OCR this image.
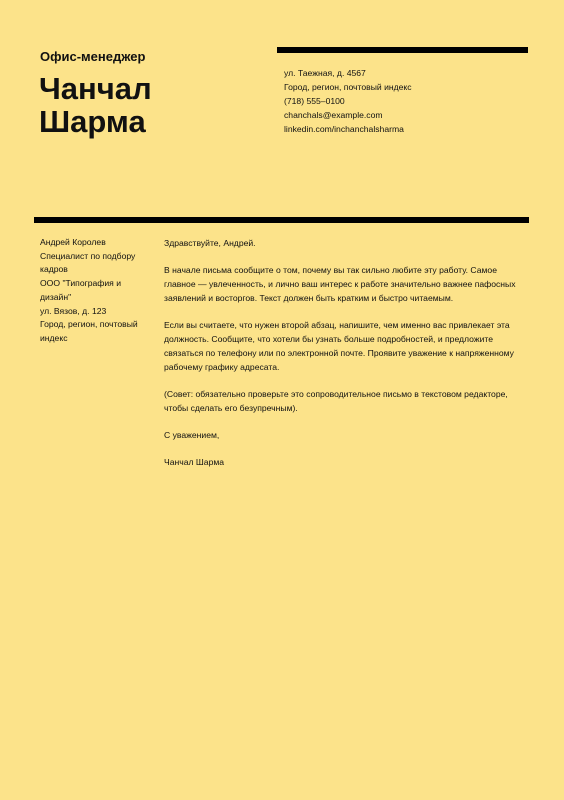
Офис-менеджер
Чанчал
Шарма
ул. Таежная, д. 4567
Город, регион, почтовый индекс
(718) 555–0100
chanchals@example.com
linkedin.com/inchanchalsharma
Андрей Королев
Специалист по подбору кадров
ООО "Типография и дизайн"
ул. Вязов, д. 123
Город, регион, почтовый индекс

Здравствуйте, Андрей.

В начале письма сообщите о том, почему вы так сильно любите эту работу. Самое главное — увлеченность, и лично ваш интерес к работе значительно важнее пафосных заявлений и восторгов. Текст должен быть кратким и быстро читаемым.

Если вы считаете, что нужен второй абзац, напишите, чем именно вас привлекает эта должность. Сообщите, что хотели бы узнать больше подробностей, и предложите связаться по телефону или по электронной почте. Проявите уважение к напряженному рабочему графику адресата.

(Совет: обязательно проверьте это сопроводительное письмо в текстовом редакторе, чтобы сделать его безупречным).

С уважением,

Чанчал Шарма
